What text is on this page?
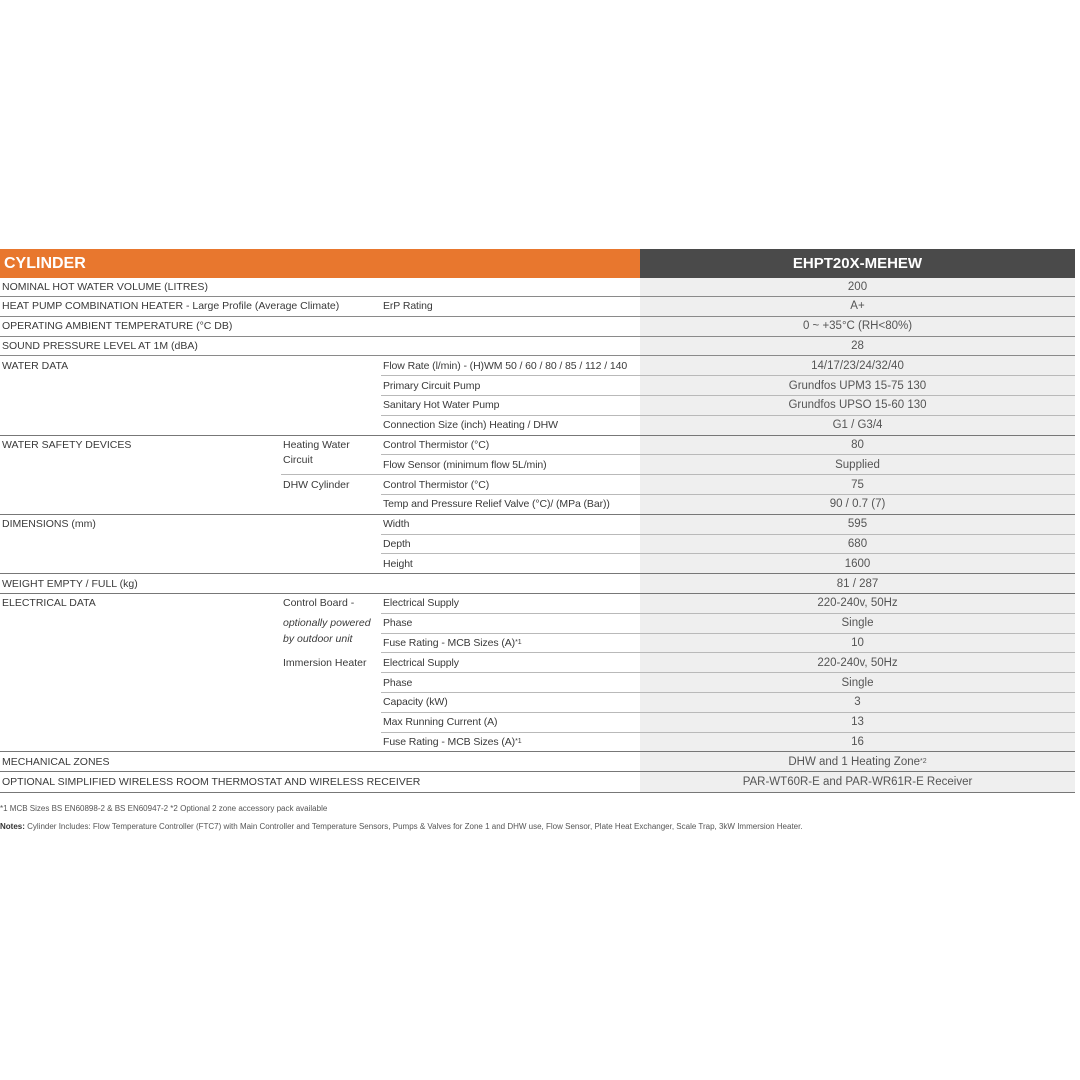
CYLINDER	EHPT20X-MEHEW
NOMINAL HOT WATER VOLUME (LITRES)	200
HEAT PUMP COMBINATION HEATER - Large Profile (Average Climate)	ErP Rating	A+
OPERATING AMBIENT TEMPERATURE (°C DB)	0 ~ +35°C (RH<80%)
SOUND PRESSURE LEVEL AT 1M (dBA)	28
WATER DATA	Flow Rate (l/min) - (H)WM 50 / 60 / 80 / 85 / 112 / 140	14/17/23/24/32/40
Primary Circuit Pump	Grundfos UPM3 15-75 130
Sanitary Hot Water Pump	Grundfos UPSO 15-60 130
Connection Size (inch) Heating / DHW	G1 / G3/4
WATER SAFETY DEVICES	Heating Water	Control Thermistor (°C)	80
Circuit	Flow Sensor (minimum flow 5L/min)	Supplied
DHW Cylinder	Control Thermistor (°C)	75
Temp and Pressure Relief Valve (°C)/ (MPa (Bar))	90 / 0.7 (7)
DIMENSIONS (mm)	Width	595
Depth	680
Height	1600
WEIGHT EMPTY / FULL (kg)	81 / 287
ELECTRICAL DATA	Control Board -	Electrical Supply	220-240v, 50Hz
optionally powered	Phase	Single
by outdoor unit	Fuse Rating - MCB Sizes (A) *1	10
Immersion Heater	Electrical Supply	220-240v, 50Hz
Phase	Single
Capacity (kW)	3
Max Running Current (A)	13
Fuse Rating - MCB Sizes (A) *1	16
MECHANICAL ZONES	DHW and 1 Heating Zone *2
OPTIONAL SIMPLIFIED WIRELESS ROOM THERMOSTAT AND WIRELESS RECEIVER	PAR-WT60R-E and PAR-WR61R-E Receiver
*1 MCB Sizes BS EN60898-2 & BS EN60947-2 *2 Optional 2 zone accessory pack available
Notes: Cylinder Includes: Flow Temperature Controller (FTC7) with Main Controller and Temperature Sensors, Pumps & Valves for Zone 1 and DHW use, Flow Sensor, Plate Heat Exchanger, Scale Trap, 3kW Immersion Heater.
